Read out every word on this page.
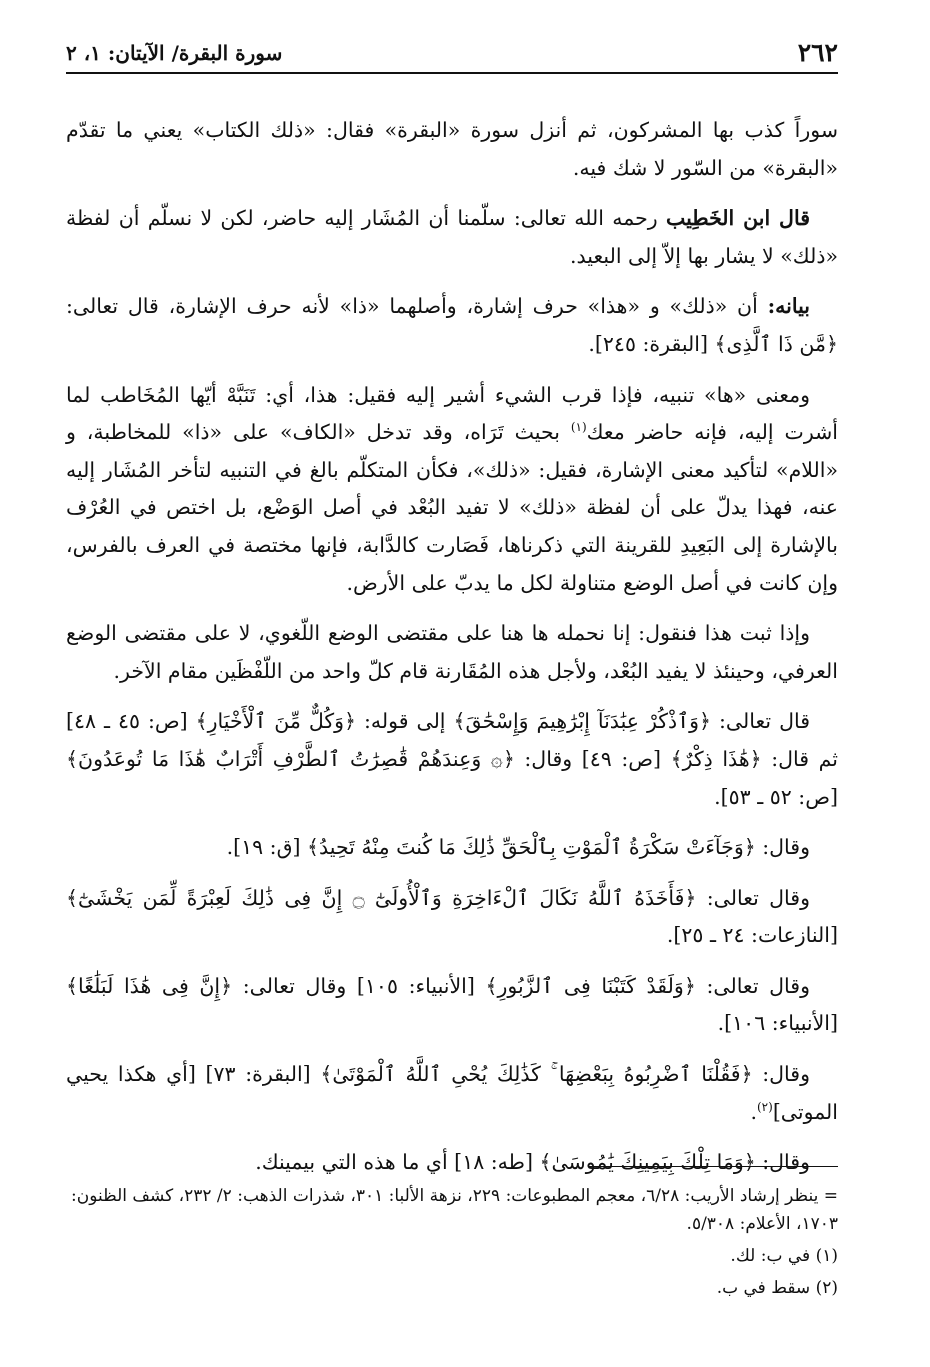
٢٦٢
سورة البقرة/ الآيتان: ١، ٢

سوراً كذب بها المشركون، ثم أنزل سورة «البقرة» فقال: «ذلك الكتاب» يعني ما تقدّم «البقرة» من السّور لا شك فيه.

قال ابن الخَطِيب رحمه الله تعالى: سلّمنا أن المُشَار إليه حاضر، لكن لا نسلّم أن لفظة «ذلك» لا يشار بها إلاّ إلى البعيد.

بيانه: أن «ذلك» و «هذا» حرف إشارة، وأصلهما «ذا» لأنه حرف الإشارة، قال تعالى: ﴿مَّن ذَا ٱلَّذِى﴾ [البقرة: ٢٤٥].

ومعنى «ها» تنبيه، فإذا قرب الشيء أشير إليه فقيل: هذا، أي: تَنَبَّهْ أيّها المُخَاطب لما أشرت إليه، فإنه حاضر معك$^{(١)}$ بحيث تَرَاه، وقد تدخل «الكاف» على «ذا» للمخاطبة، و «اللام» لتأكيد معنى الإشارة، فقيل: «ذلك»، فكأن المتكلّم بالغ في التنبيه لتأخر المُشَار إليه عنه، فهذا يدلّ على أن لفظة «ذلك» لا تفيد البُعْد في أصل الوَضْع، بل اختص في العُرْف بالإشارة إلى البَعِيدِ للقرينة التي ذكرناها، فَصَارت كالدَّابة، فإنها مختصة في العرف بالفرس، وإن كانت في أصل الوضع متناولة لكل ما يدبّ على الأرض.

وإذا ثبت هذا فنقول: إنا نحمله ها هنا على مقتضى الوضع اللّغوي، لا على مقتضى الوضع العرفي، وحينئذ لا يفيد البُعْد، ولأجل هذه المُقَارنة قام كلّ واحد من اللّفْظَين مقام الآخر.

قال تعالى: ﴿وَٱذْكُرْ عِبَٰدَنَآ إِبْرَٰهِيمَ وَإِسْحَٰقَ﴾ إلى قوله: ﴿وَكُلٌّ مِّنَ ٱلْأَخْيَارِ﴾ [ص: ٤٥ ـ ٤٨] ثم قال: ﴿هَٰذَا ذِكْرٌ﴾ [ص: ٤٩] وقال: ﴿۞ وَعِندَهُمْ قَٰصِرَٰتُ ٱلطَّرْفِ أَتْرَابٌ هَٰذَا مَا تُوعَدُونَ﴾ [ص: ٥٢ ـ ٥٣].

وقال: ﴿وَجَآءَتْ سَكْرَةُ ٱلْمَوْتِ بِٱلْحَقِّ ذَٰلِكَ مَا كُنتَ مِنْهُ تَحِيدُ﴾ [ق: ١٩].

وقال تعالى: ﴿فَأَخَذَهُ ٱللَّهُ نَكَالَ ٱلْءَاخِرَةِ وَٱلْأُولَىٰٓ ۝ إِنَّ فِى ذَٰلِكَ لَعِبْرَةً لِّمَن يَخْشَىٰٓ﴾ [النازعات: ٢٤ ـ ٢٥].

وقال تعالى: ﴿وَلَقَدْ كَتَبْنَا فِى ٱلزَّبُورِ﴾ [الأنبياء: ١٠٥] وقال تعالى: ﴿إِنَّ فِى هَٰذَا لَبَلَٰغًا﴾ [الأنبياء: ١٠٦].

وقال: ﴿فَقُلْنَا ٱضْرِبُوهُ بِبَعْضِهَا ۚ كَذَٰلِكَ يُحْىِ ٱللَّهُ ٱلْمَوْتَىٰ﴾ [البقرة: ٧٣] [أي هكذا يحيي الموتى]$^{(٢)}$.

وقال: ﴿وَمَا تِلْكَ بِيَمِينِكَ يَٰمُوسَىٰ﴾ [طه: ١٨] أي ما هذه التي بيمينك.

= ينظر إرشاد الأريب: ٦/٢٨، معجم المطبوعات: ٢٢٩، نزهة الألبا: ٣٠١، شذرات الذهب: ٢/ ٢٣٢، كشف الظنون: ١٧٠٣، الأعلام: ٥/٣٠٨.

(١) في ب: لك.

(٢) سقط في ب.
